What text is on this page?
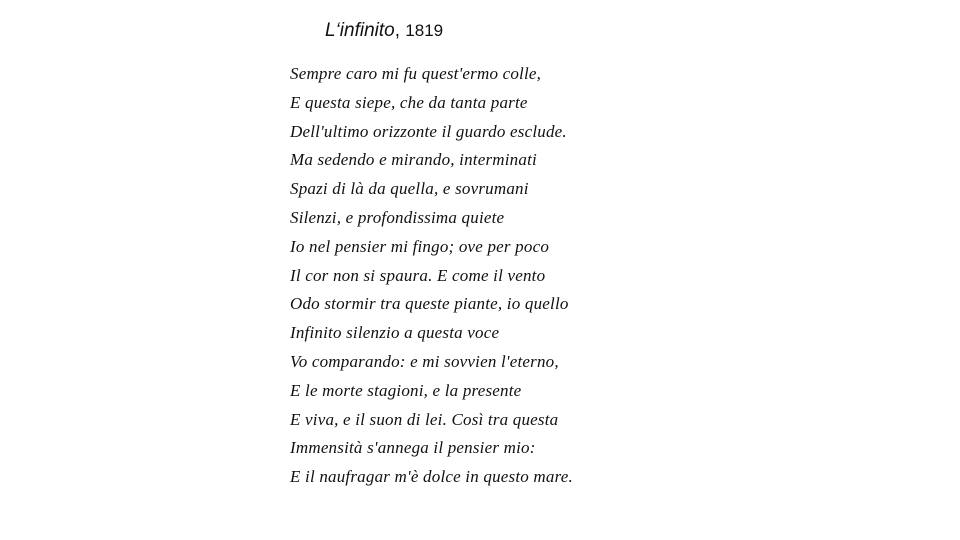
L‘infinito, 1819
Sempre caro mi fu quest'ermo colle,
E questa siepe, che da tanta parte
Dell'ultimo orizzonte il guardo esclude.
Ma sedendo e mirando, interminati
Spazi di là da quella, e sovrumani
Silenzi, e profondissima quiete
Io nel pensier mi fingo; ove per poco
Il cor non si spaura. E come il vento
Odo stormir tra queste piante, io quello
Infinito silenzio a questa voce
Vo comparando: e mi sovvien l'eterno,
E le morte stagioni, e la presente
E viva, e il suon di lei. Così tra questa
Immensità s'annega il pensier mio:
E il naufragar m'è dolce in questo mare.
